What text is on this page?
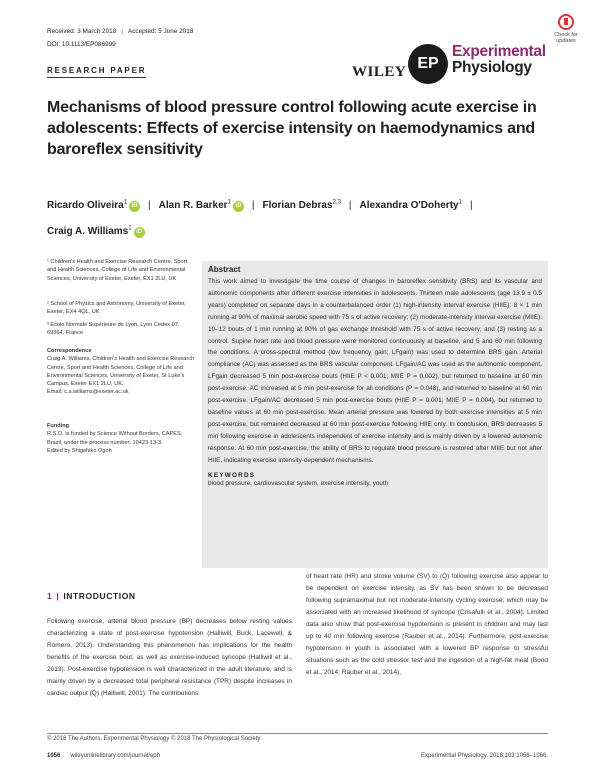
Received: 3 March 2018 | Accepted: 5 June 2018
DOI: 10.1113/EP086999
Check for updates
RESEARCH PAPER	WILEY EP
Experimental
Physiology
Mechanisms of blood pressure control following acute exercise in adolescents: Effects of exercise intensity on haemodynamics and baroreflex sensitivity
Ricardo Oliveira$^1$iD | Alan R. Barker$^1$iD | Florian Debras$^{2,3}$ | Alexandra O'Doherty$^1$ |
Craig A. Williams$^1$iD
¹ Children's Health and Exercise Research Centre, Sport and Health Sciences, College of Life and Environmental Sciences, University of Exeter, Exeter, EX1 2LU, UK
² School of Physics and Astronomy, University of Exeter, Exeter, EX4 4QL, UK
³ Ecole Normale Supérieure de Lyon, Lyon Cedex 07, 69364, France
Correspondence
Craig A. Williams, Children's Health and Exercise Research Centre, Sport and Health Sciences, College of Life and Environmental Sciences, University of Exeter, St Luke's Campus, Exeter EX1 2LU, UK.
Email: c.a.williams@exeter.ac.uk
Funding
R.S.O. is funded by Science Without Borders, CAPES, Brazil, under the process number: 10423-13-3.
Edited by Shigehiko Ogoh
Abstract
This work aimed to investigate the time course of changes in baroreflex sensitivity (BRS) and its vascular and autonomic components after different exercise intensities in adolescents. Thirteen male adolescents (age 13.9 ± 0.5 years) completed on separate days in a counterbalanced order (1) high-intensity interval exercise (HIIE): 8 × 1 min running at 90% of maximal aerobic speed with 75 s of active recovery; (2) moderate-intensity interval exercise (MIIE): 10–12 bouts of 1 min running at 90% of gas exchange threshold with 75 s of active recovery; and (3) resting as a control. Supine heart rate and blood pressure were monitored continuously at baseline, and 5 and 60 min following the conditions. A cross-spectral method (low frequency gain; LFgain) was used to determine BRS gain. Arterial compliance (AC) was assessed as the BRS vascular component. LFgain/AC was used as the autonomic component. LFgain decreased 5 min post-exercise bouts (HIIE P < 0.001; MIIE P = 0.002), but returned to baseline at 60 min post-exercise. AC increased at 5 min post-exercise for all conditions (P = 0.048), and returned to baseline at 60 min post-exercise. LFgain/AC decreased 5 min post-exercise bouts (HIIE P = 0.001; MIIE P = 0.004), but returned to baseline values at 60 min post-exercise. Mean arterial pressure was lowered by both exercise intensities at 5 min post-exercise, but remained decreased at 60 min post-exercise following HIIE only. In conclusion, BRS decreases 5 min following exercise in adolescents independent of exercise intensity and is mainly driven by a lowered autonomic response. At 60 min post-exercise, the ability of BRS to regulate blood pressure is restored after MIIE but not after HIIE, indicating exercise intensity-dependent mechanisms.
KEYWORDS
blood pressure, cardiovascular system, exercise intensity, youth
1 | INTRODUCTION
Following exercise, arterial blood pressure (BP) decreases below resting values characterizing a state of post-exercise hypotension (Halliwill, Buck, Lacewell, & Romero, 2013). Understanding this phenomenon has implications for the health benefits of the exercise bout, as well as exercise-induced syncope (Halliwill et al., 2013). Post-exercise hypotension is well characterized in the adult literature, and is mainly driven by a decreased total peripheral resistance (TPR) despite increases in cardiac output (Q̇) (Halliwill, 2001). The contributions
of heart rate (HR) and stroke volume (SV) to (Q̇) following exercise also appear to be dependent on exercise intensity, as SV has been shown to be decreased following supramaximal but not moderate-intensity cycling exercise, which may be associated with an increased likelihood of syncope (Crisafulli et al., 2004). Limited data also show that post-exercise hypotension is present in children and may last up to 40 min following exercise (Rauber et al., 2014). Furthermore, post-exercise hypotension in youth is associated with a lowered BP response to stressful situations such as the cold stressor test and the ingestion of a high-fat meal (Bond et al., 2014; Rauber et al., 2014),
© 2018 The Authors. Experimental Physiology © 2018 The Physiological Society
1056 wileyonlinelibrary.com/journal/eph	Experimental Physiology. 2018;103:1056–1066.
